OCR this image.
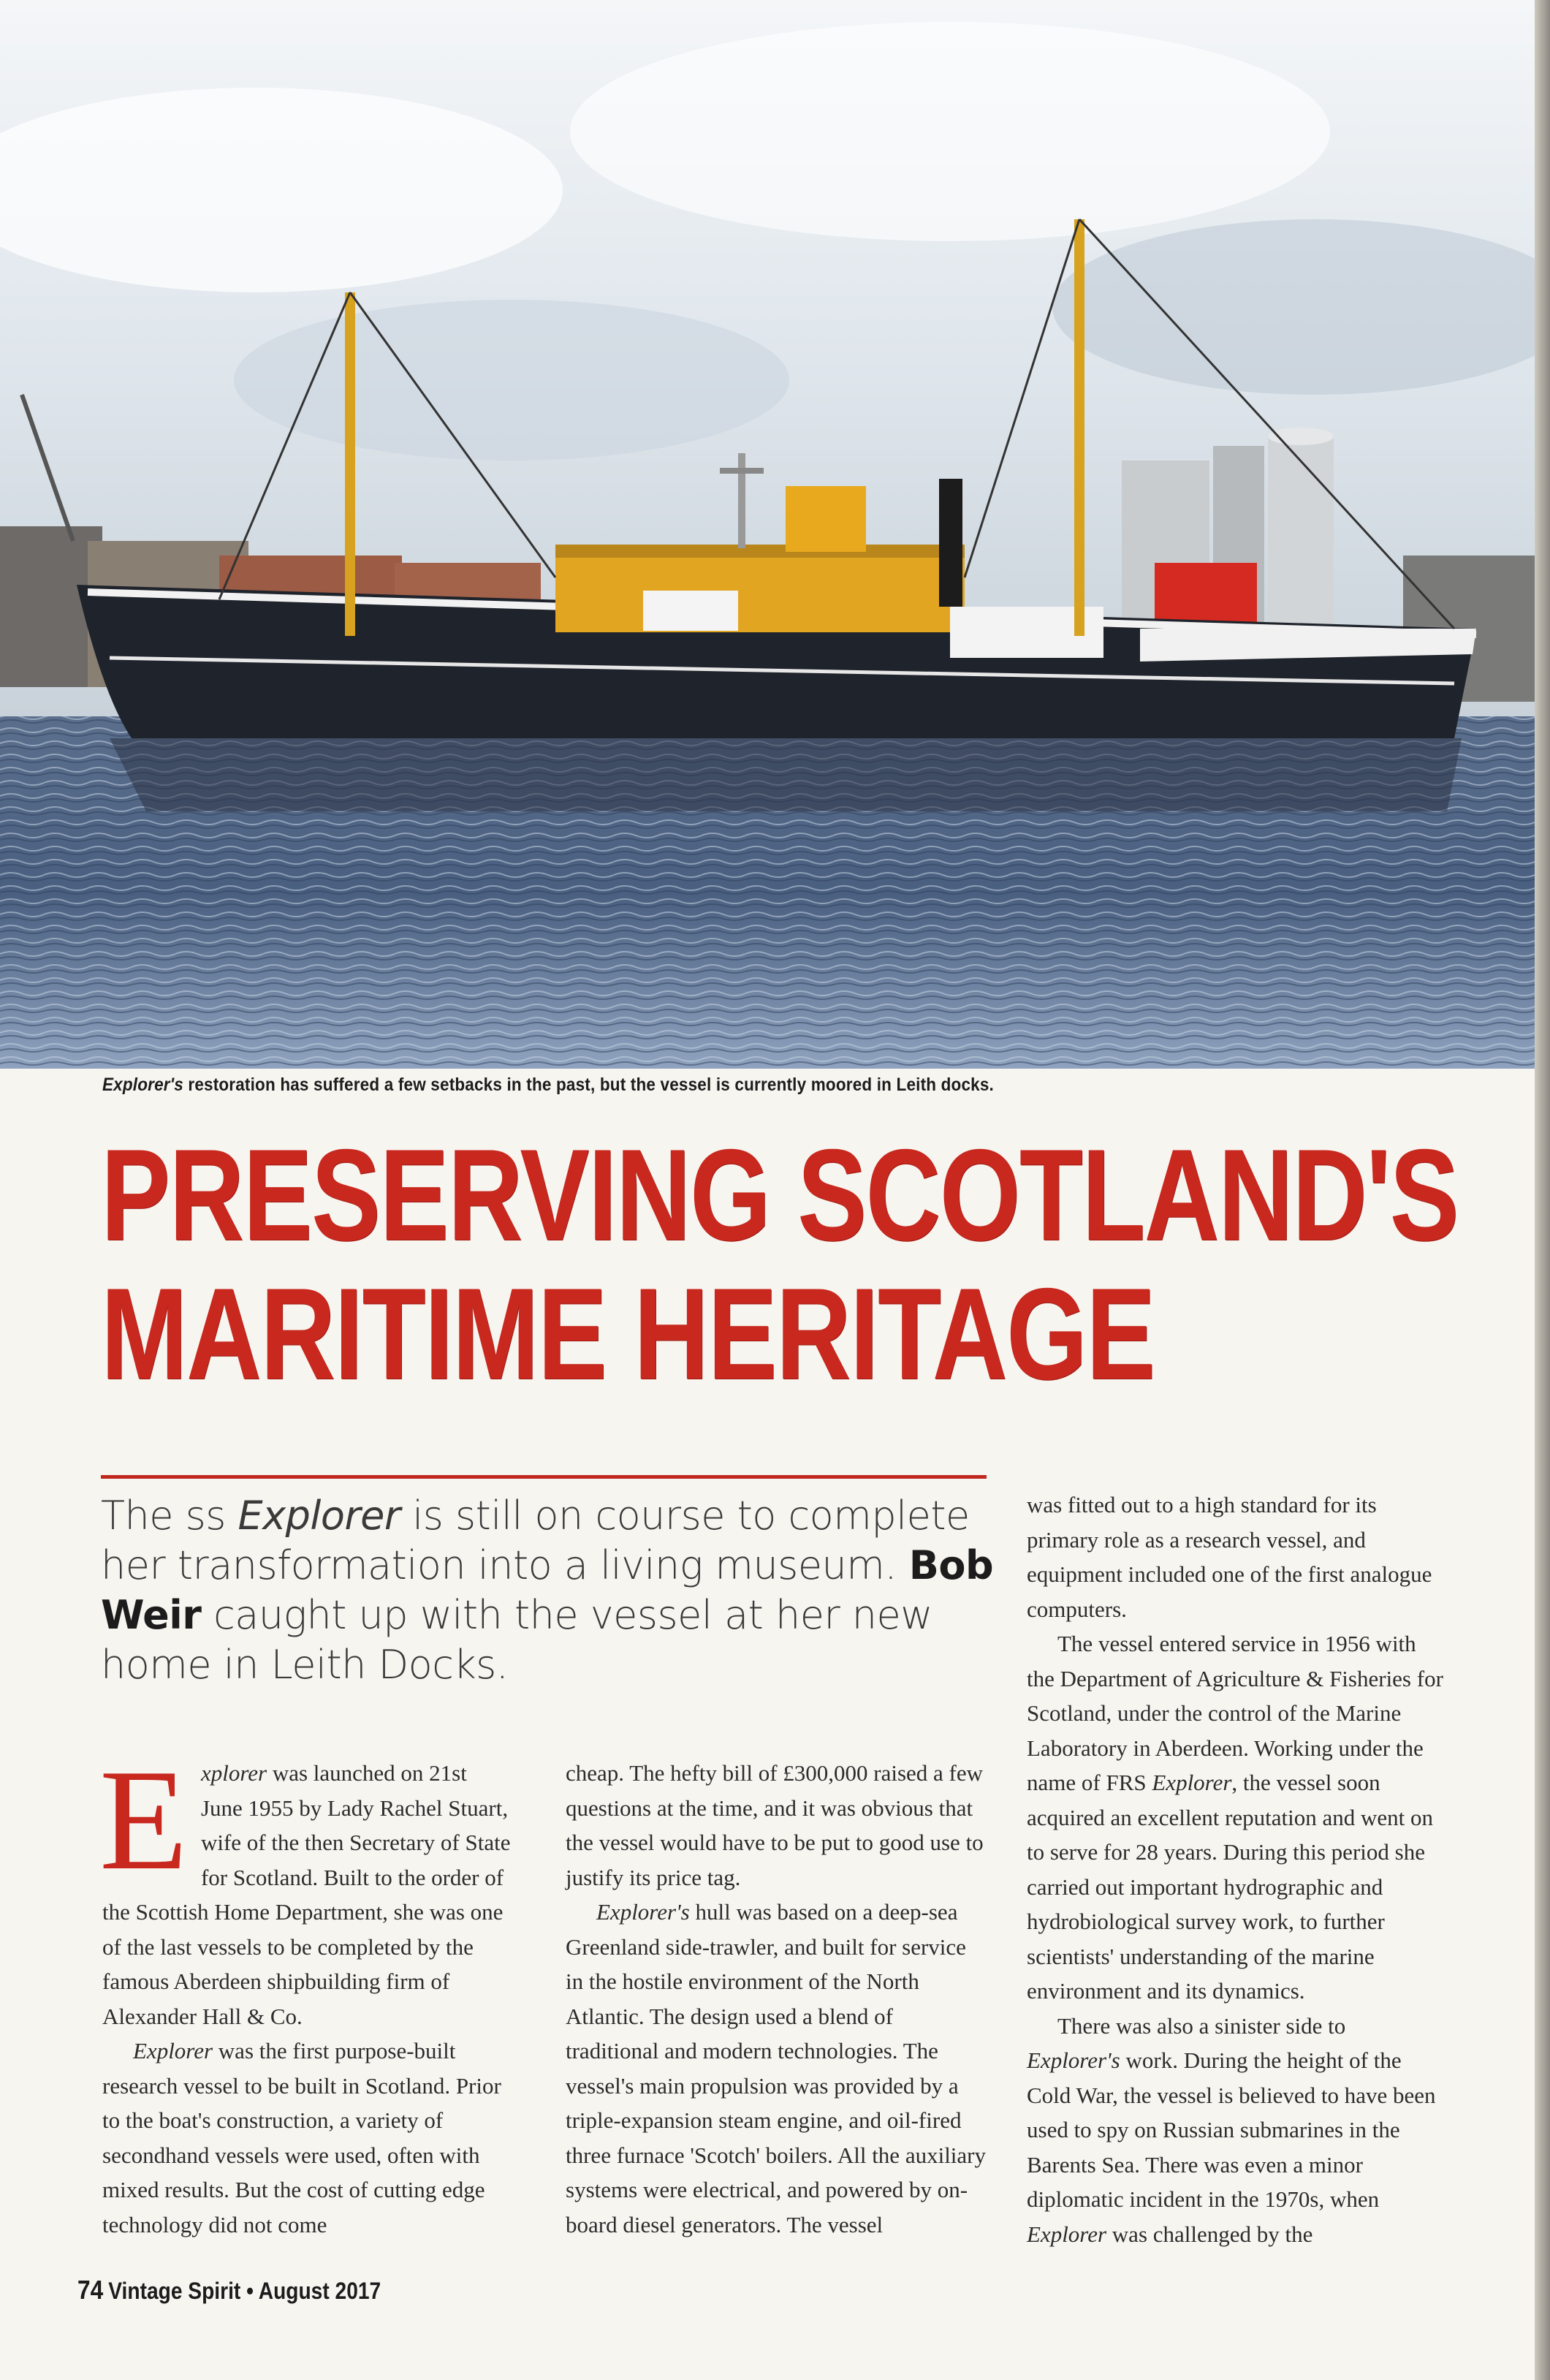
Explorer's restoration has suffered a few setbacks in the past, but the vessel is currently moored in Leith docks.
PRESERVING SCOTLAND'S
MARITIME HERITAGE
The ss Explorer is still on course to complete her transformation into a living museum. Bob Weir caught up with the vessel at her new home in Leith Docks.

Explorer was launched on 21st June 1955 by Lady Rachel Stuart, wife of the then Secretary of State for Scotland. Built to the order of the Scottish Home Department, she was one of the last vessels to be completed by the famous Aberdeen shipbuilding firm of Alexander Hall & Co.

Explorer was the first purpose-built research vessel to be built in Scotland. Prior to the boat's construction, a variety of secondhand vessels were used, often with mixed results. But the cost of cutting edge technology did not come

cheap. The hefty bill of £300,000 raised a few questions at the time, and it was obvious that the vessel would have to be put to good use to justify its price tag.

Explorer's hull was based on a deep-sea Greenland side-trawler, and built for service in the hostile environment of the North Atlantic. The design used a blend of traditional and modern technologies. The vessel's main propulsion was provided by a triple-expansion steam engine, and oil-fired three furnace 'Scotch' boilers. All the auxiliary systems were electrical, and powered by on-board diesel generators. The vessel

was fitted out to a high standard for its primary role as a research vessel, and equipment included one of the first analogue computers.

The vessel entered service in 1956 with the Department of Agriculture & Fisheries for Scotland, under the control of the Marine Laboratory in Aberdeen. Working under the name of FRS Explorer, the vessel soon acquired an excellent reputation and went on to serve for 28 years. During this period she carried out important hydrographic and hydrobiological survey work, to further scientists' understanding of the marine environment and its dynamics.

There was also a sinister side to Explorer's work. During the height of the Cold War, the vessel is believed to have been used to spy on Russian submarines in the Barents Sea. There was even a minor diplomatic incident in the 1970s, when Explorer was challenged by the

74 Vintage Spirit • August 2017
